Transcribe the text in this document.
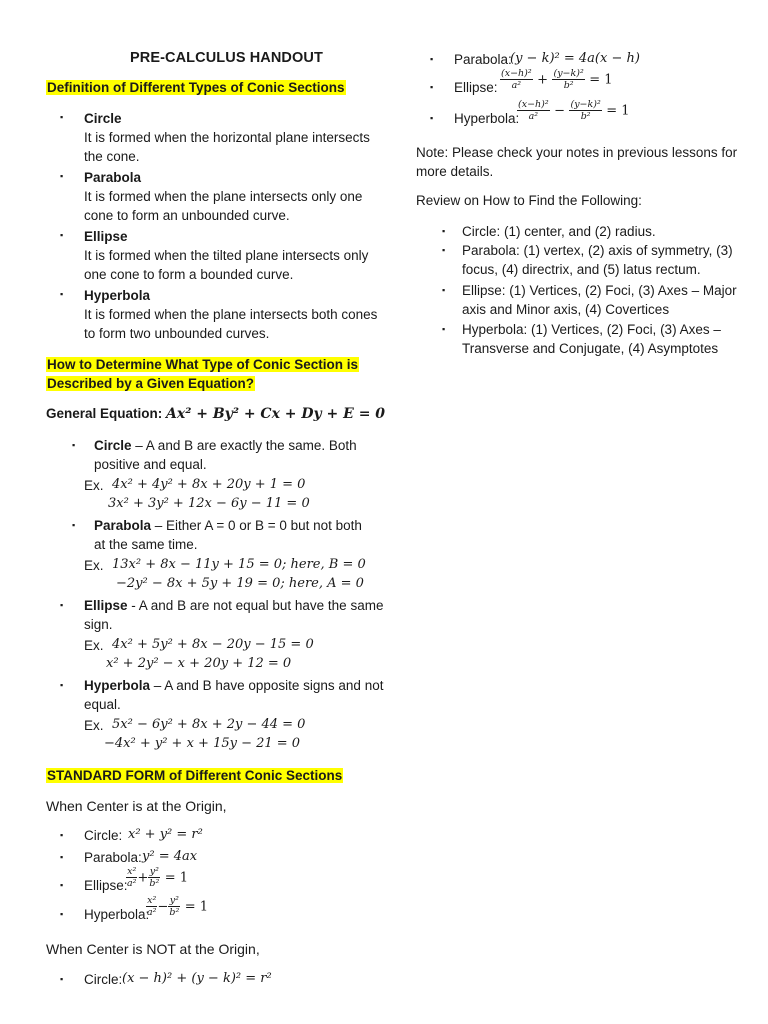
PRE-CALCULUS HANDOUT
Definition of Different Types of Conic Sections
▪ Circle
It is formed when the horizontal plane intersects
the cone.
▪ Parabola
It is formed when the plane intersects only one
cone to form an unbounded curve.
▪ Ellipse
It is formed when the tilted plane intersects only
one cone to form a bounded curve.
▪ Hyperbola
It is formed when the plane intersects both cones
to form two unbounded curves.
How to Determine What Type of Conic Section is
Described by a Given Equation?
General Equation: Ax² + By² + Cx + Dy + E = 0
▪ Circle – A and B are exactly the same. Both
positive and equal.
Ex. 4x² + 4y² + 8x + 20y + 1 = 0
3x² + 3y² + 12x − 6y − 11 = 0
▪ Parabola – Either A = 0 or B = 0 but not both
at the same time.
Ex. 13x² + 8x − 11y + 15 = 0; here, B = 0
−2y² − 8x + 5y + 19 = 0; here, A = 0
▪ Ellipse - A and B are not equal but have the same
sign.
Ex. 4x² + 5y² + 8x − 20y − 15 = 0
x² + 2y² − x + 20y + 12 = 0
▪ Hyperbola – A and B have opposite signs and not
equal.
Ex. 5x² − 6y² + 8x + 2y − 44 = 0
−4x² + y² + x + 15y − 21 = 0
STANDARD FORM of Different Conic Sections
When Center is at the Origin,
▪ Circle: x² + y² = r²
▪ Parabola: y² = 4ax
▪ Ellipse:
$\frac{\text{x²}}{\text{a²}} + \frac{\text{y²}}{\text{b²}} = 1$
▪ Hyperbola:
$\frac{\text{x²}}{\text{a²}} - \frac{\text{y²}}{\text{b²}} = 1$
When Center is NOT at the Origin,
▪ Circle: (x − h)² + (y − k)² = r²
▪ Parabola:
(y − k)² = 4a(x − h)
▪ Ellipse: $\frac{\text{(x−h)²}}{\text{a²}} + \frac{\text{(y−k)²}}{\text{b²}} = 1$
▪ Hyperbola:
$\frac{\text{(x−h)²}}{\text{a²}} - \frac{\text{(y−k)²}}{\text{b²}} = 1$
Note: Please check your notes in previous lessons for
more details.
Review on How to Find the Following:
▪ Circle: (1) center, and (2) radius.
▪ Parabola: (1) vertex, (2) axis of symmetry, (3)
focus, (4) directrix, and (5) latus rectum.
▪ Ellipse: (1) Vertices, (2) Foci, (3) Axes – Major
axis and Minor axis, (4) Covertices
▪ Hyperbola: (1) Vertices, (2) Foci, (3) Axes –
Transverse and Conjugate, (4) Asymptotes
